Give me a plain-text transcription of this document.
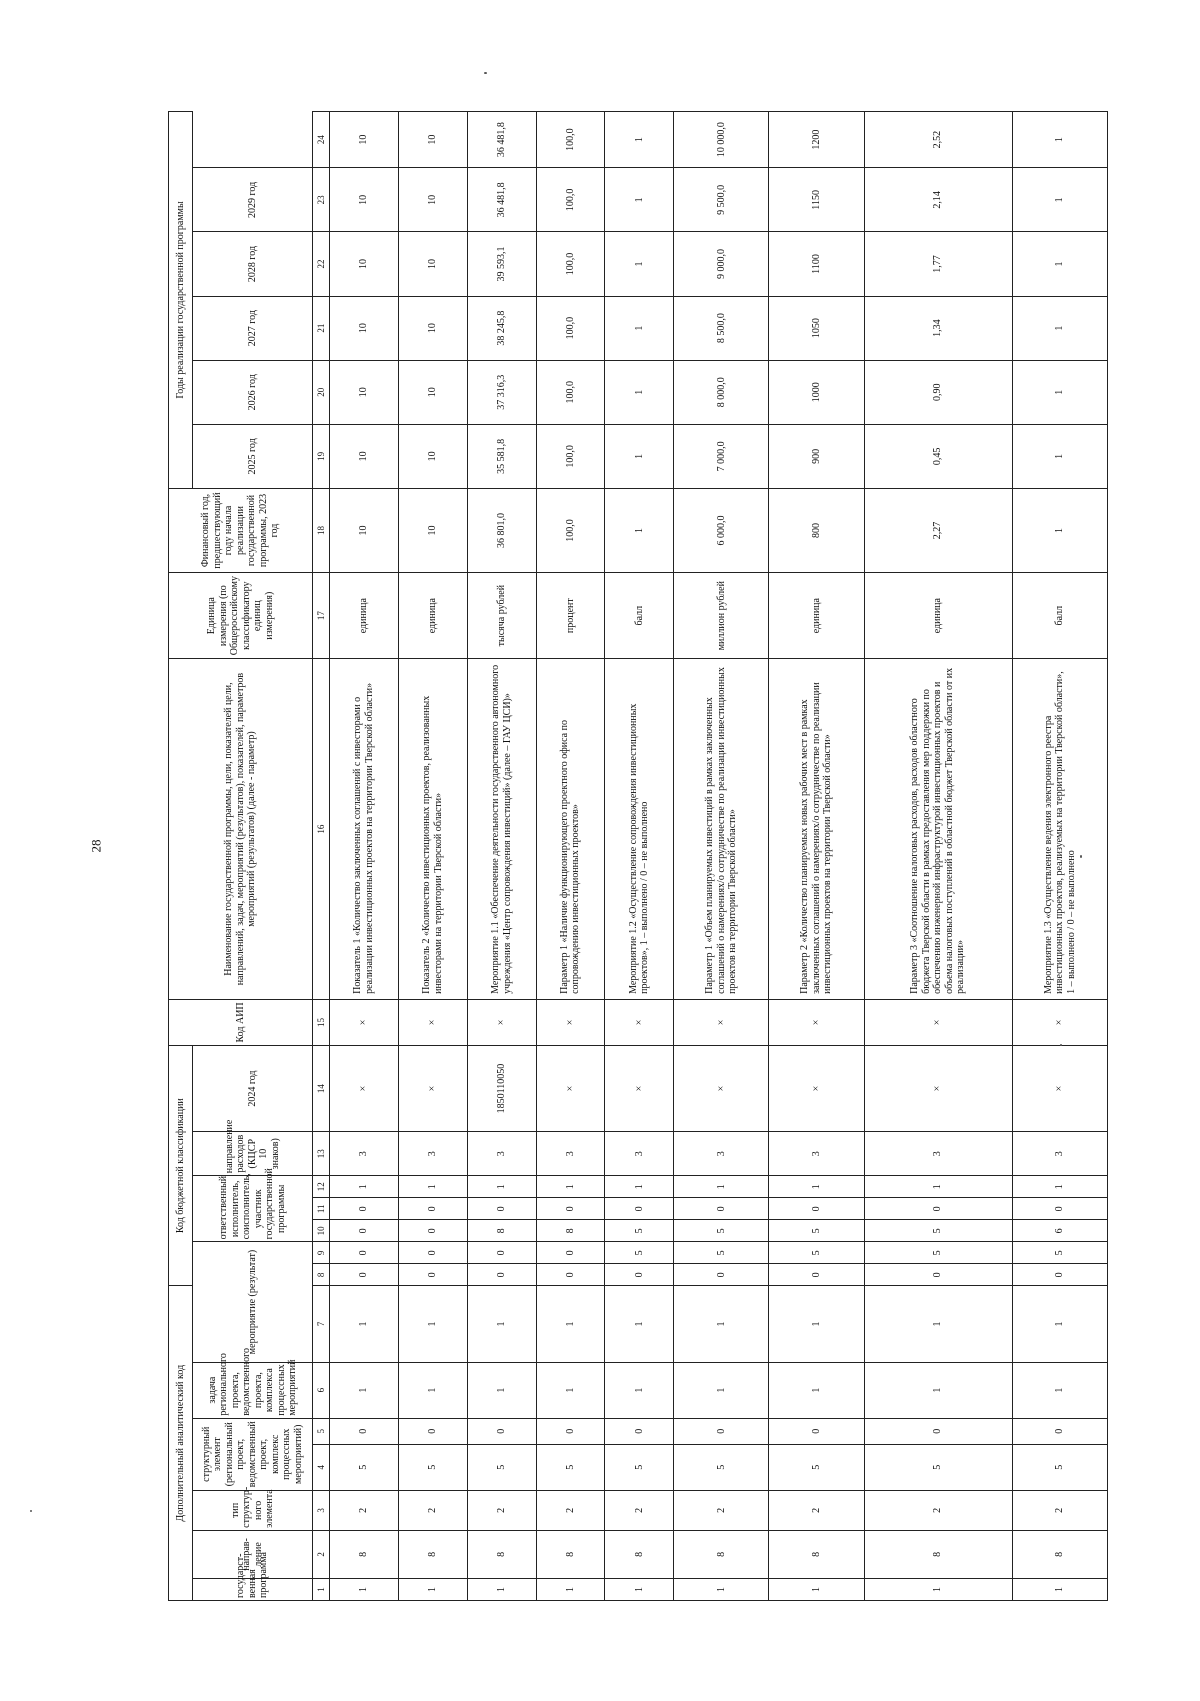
28
Дополнительный аналитический код							Код бюджетной классификации							Код АИП	Наименование государственной программы, цели, показателей цели, направлений, задач, мероприятий (результатов), показателей, параметров мероприятий (результатов) (далее - параметр)	Единица измерения (по Общероссийскому классификатору единиц измерения)	Финансовый год, предшествующий году начала реализации государственной программы, 2023 год	Годы реализации государственной программы					
государст-венная программа	направ-ление	тип структур-ного элемента	структурный элемент (региональный проект, ведомственный проект, комплекс процессных мероприятий)		задача регионального проекта, ведомственного проекта, комплекса процессных мероприятий	мероприятие (результат)			ответственный исполнитель, соисполнитель, участник государственной программы			направление расходов (КЦСР 10 знаков)	2024 год					2025 год	2026 год	2027 год	2028 год	2029 год	

1	2	3	4	5	6	7	8	9	10	11	12	13	14	15	16	17	18	19	20	21	22	23	24
1	8	2	5	0	1	1	0	0	0	0	1	3	×	×	Показатель 1 «Количество заключенных соглашений с инвесторами о реализации инвестиционных проектов на территории Тверской области»	единица	10	10	10	10	10	10	10
1	8	2	5	0	1	1	0	0	0	0	1	3	×	×	Показатель 2 «Количество инвестиционных проектов, реализованных инвесторами на территории Тверской области»	единица	10	10	10	10	10	10	10
1	8	2	5	0	1	1	0	0	8	0	1	3	1850110050	×	Мероприятие 1.1 «Обеспечение деятельности государственного автономного учреждения «Центр сопровождения инвестиций» (далее – ГАУ ЦСИ)»	тысяча рублей	36 801,0	35 581,8	37 316,3	38 245,8	39 593,1	36 481,8	36 481,8
1	8	2	5	0	1	1	0	0	8	0	1	3	×	×	Параметр 1 «Наличие функционирующего проектного офиса по сопровождению инвестиционных проектов»	процент	100,0	100,0	100,0	100,0	100,0	100,0	100,0
1	8	2	5	0	1	1	0	5	5	0	1	3	×	×	Мероприятие 1.2 «Осуществление сопровождения инвестиционных проектов», 1 – выполнено / 0 – не выполнено	балл	1	1	1	1	1	1	1
1	8	2	5	0	1	1	0	5	5	0	1	3	×	×	Параметр 1 «Объем планируемых инвестиций в рамках заключенных соглашений о намерениях/о сотрудничестве по реализации инвестиционных проектов на территории Тверской области»	миллион рублей	6 000,0	7 000,0	8 000,0	8 500,0	9 000,0	9 500,0	10 000,0
1	8	2	5	0	1	1	0	5	5	0	1	3	×	×	Параметр 2 «Количество планируемых новых рабочих мест в рамках заключенных соглашений о намерениях/о сотрудничестве по реализации инвестиционных проектов на территории Тверской области»	единица	800	900	1000	1050	1100	1150	1200
1	8	2	5	0	1	1	0	5	5	0	1	3	×	×	Параметр 3 «Соотношение налоговых расходов, расходов областного бюджета Тверской области в рамках предоставления мер поддержки по обеспечению инженерной инфраструктурой инвестиционных проектов и объема налоговых поступлений в областной бюджет Тверской области от их реализации»	единица	2,27	0,45	0,90	1,34	1,77	2,14	2,52
1	8	2	5	0	1	1	0	5	6	0	1	3	×	×	Мероприятие 1.3 «Осуществление ведения электронного реестра инвестиционных проектов, реализуемых на территории Тверской области», 1 – выполнено / 0 – не выполнено	балл	1	1	1	1	1	1	1
